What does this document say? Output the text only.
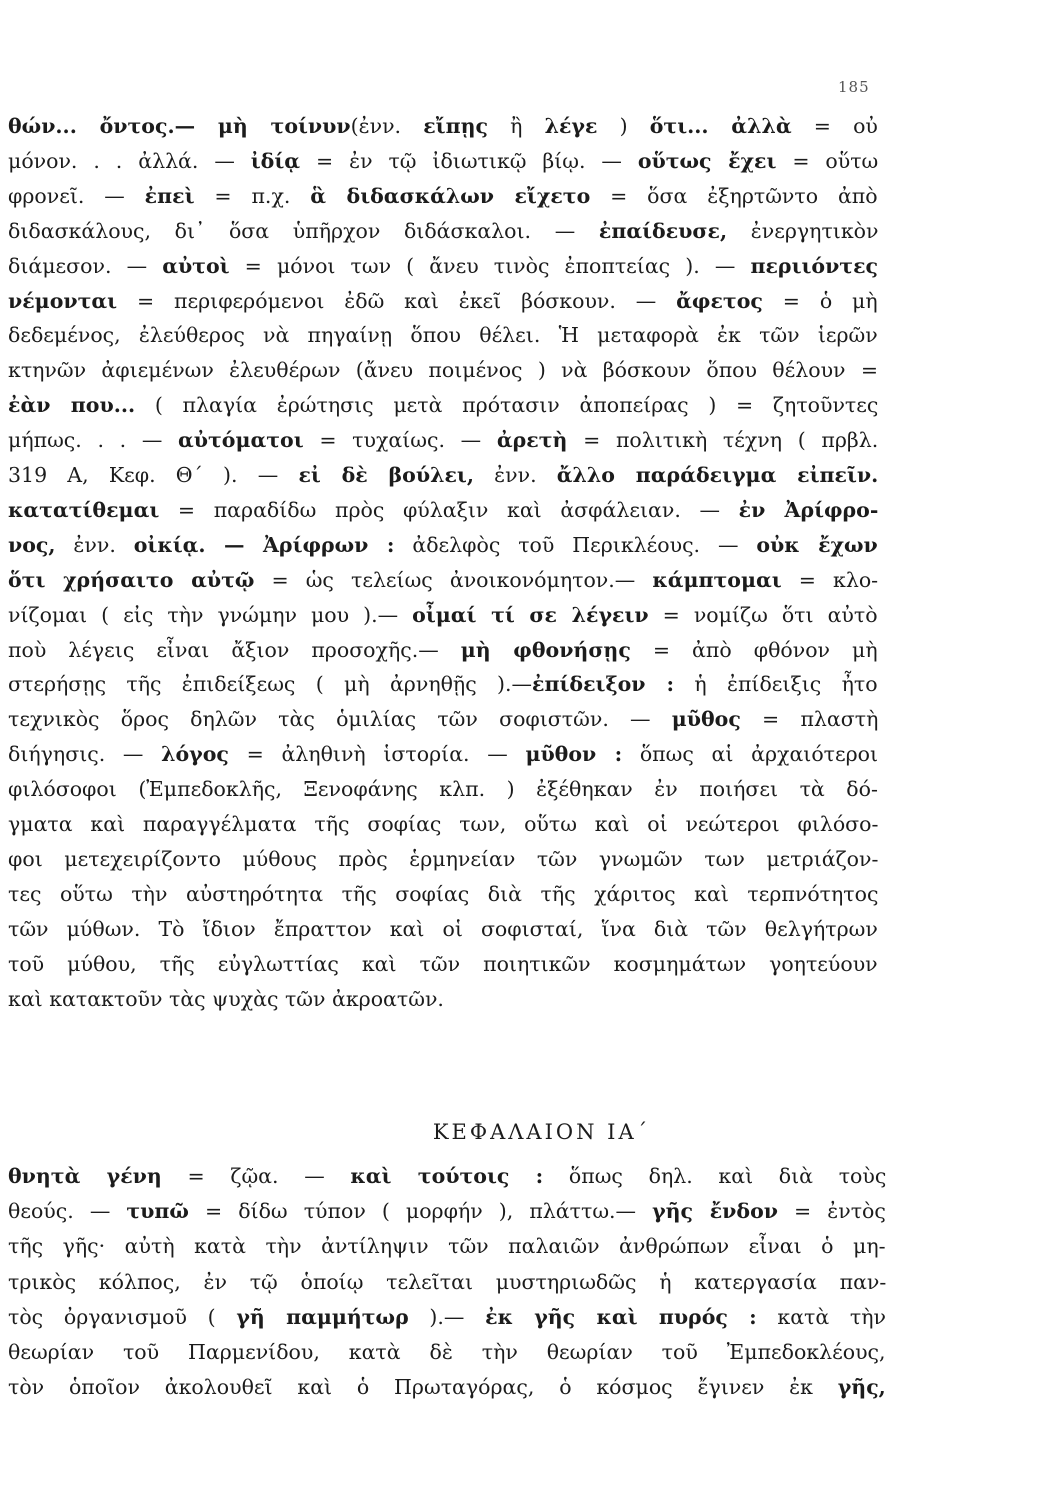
185
θών... ὄντος.— μὴ τοίνυν(ἐνν. εἴπῃς ἢ λέγε ) ὅτι... ἀλλὰ = οὐ
μόνον. . . ἀλλά. — ἰδίᾳ = ἐν τῷ ἰδιωτικῷ βίῳ. — οὕτως ἔχει = οὕτω
φρονεῖ. — ἐπεὶ = π.χ. ἃ διδασκάλων εἴχετο = ὅσα ἐξηρτῶντο ἀπὸ
διδασκάλους, δι᾽ ὅσα ὑπῆρχον διδάσκαλοι. — ἐπαίδευσε, ἐνεργητικὸν
διάμεσον. — αὐτοὶ = μόνοι των ( ἄνευ τινὸς ἐποπτείας ). — περιιόντες
νέμονται = περιφερόμενοι ἐδῶ καὶ ἐκεῖ βόσκουν. — ἄφετος = ὁ μὴ
δεδεμένος, ἐλεύθερος νὰ πηγαίνῃ ὅπου θέλει. Ἡ μεταφορὰ ἐκ τῶν ἱερῶν
κτηνῶν ἀφιεμένων ἐλευθέρων (ἄνευ ποιμένος ) νὰ βόσκουν ὅπου θέλουν =
ἐὰν που... ( πλαγία ἐρώτησις μετὰ πρότασιν ἀποπείρας ) = ζητοῦντες
μήπως. . . — αὐτόματοι = τυχαίως. — ἀρετὴ = πολιτικὴ τέχνη ( πρβλ.
319 Α, Κεφ. Θ΄ ). — εἰ δὲ βούλει, ἐνν. ἄλλο παράδειγμα εἰπεῖν.
κατατίθεμαι = παραδίδω πρὸς φύλαξιν καὶ ἀσφάλειαν. — ἐν Ἀρίφρο-
νος, ἐνν. οἰκίᾳ. — Ἀρίφρων : ἀδελφὸς τοῦ Περικλέους. — οὐκ ἔχων
ὅτι χρήσαιτο αὐτῷ = ὡς τελείως ἀνοικονόμητον.— κάμπτομαι = κλο-
νίζομαι ( εἰς τὴν γνώμην μου ).— οἶμαί τί σε λέγειν = νομίζω ὅτι αὐτὸ
ποὺ λέγεις εἶναι ἄξιον προσοχῆς.— μὴ φθονήσῃς = ἀπὸ φθόνον μὴ
στερήσῃς τῆς ἐπιδείξεως ( μὴ ἀρνηθῇς ).—ἐπίδειξον : ἡ ἐπίδειξις ἦτο
τεχνικὸς ὅρος δηλῶν τὰς ὁμιλίας τῶν σοφιστῶν. — μῦθος = πλαστὴ
διήγησις. — λόγος = ἀληθινὴ ἱστορία. — μῦθον : ὅπως αἱ ἀρχαιότεροι
φιλόσοφοι (Ἐμπεδοκλῆς, Ξενοφάνης κλπ. ) ἐξέθηκαν ἐν ποιήσει τὰ δό-
γματα καὶ παραγγέλματα τῆς σοφίας των, οὕτω καὶ οἱ νεώτεροι φιλόσο-
φοι μετεχειρίζοντο μύθους πρὸς ἑρμηνείαν τῶν γνωμῶν των μετριάζον-
τες οὕτω τὴν αὐστηρότητα τῆς σοφίας διὰ τῆς χάριτος καὶ τερπνότητος
τῶν μύθων. Τὸ ἴδιον ἔπραττον καὶ οἱ σοφισταί, ἵνα διὰ τῶν θελγήτρων
τοῦ μύθου, τῆς εὐγλωττίας καὶ τῶν ποιητικῶν κοσμημάτων γοητεύουν
καὶ κατακτοῦν τὰς ψυχὰς τῶν ἀκροατῶν.
ΚΕΦΑΛΑΙΟΝ ΙΑ΄
θνητὰ γένη = ζῷα. — καὶ τούτοις : ὅπως δηλ. καὶ διὰ τοὺς
θεούς. — τυπῶ = δίδω τύπον ( μορφήν ), πλάττω.— γῆς ἔνδον = ἐντὸς
τῆς γῆς· αὐτὴ κατὰ τὴν ἀντίληψιν τῶν παλαιῶν ἀνθρώπων εἶναι ὁ μη-
τρικὸς κόλπος, ἐν τῷ ὁποίῳ τελεῖται μυστηριωδῶς ἡ κατεργασία παν-
τὸς ὀργανισμοῦ ( γῆ παμμήτωρ ).— ἐκ γῆς καὶ πυρός : κατὰ τὴν
θεωρίαν τοῦ Παρμενίδου, κατὰ δὲ τὴν θεωρίαν τοῦ Ἐμπεδοκλέους,
τὸν ὁποῖον ἀκολουθεῖ καὶ ὁ Πρωταγόρας, ὁ κόσμος ἔγινεν ἐκ γῆς,
